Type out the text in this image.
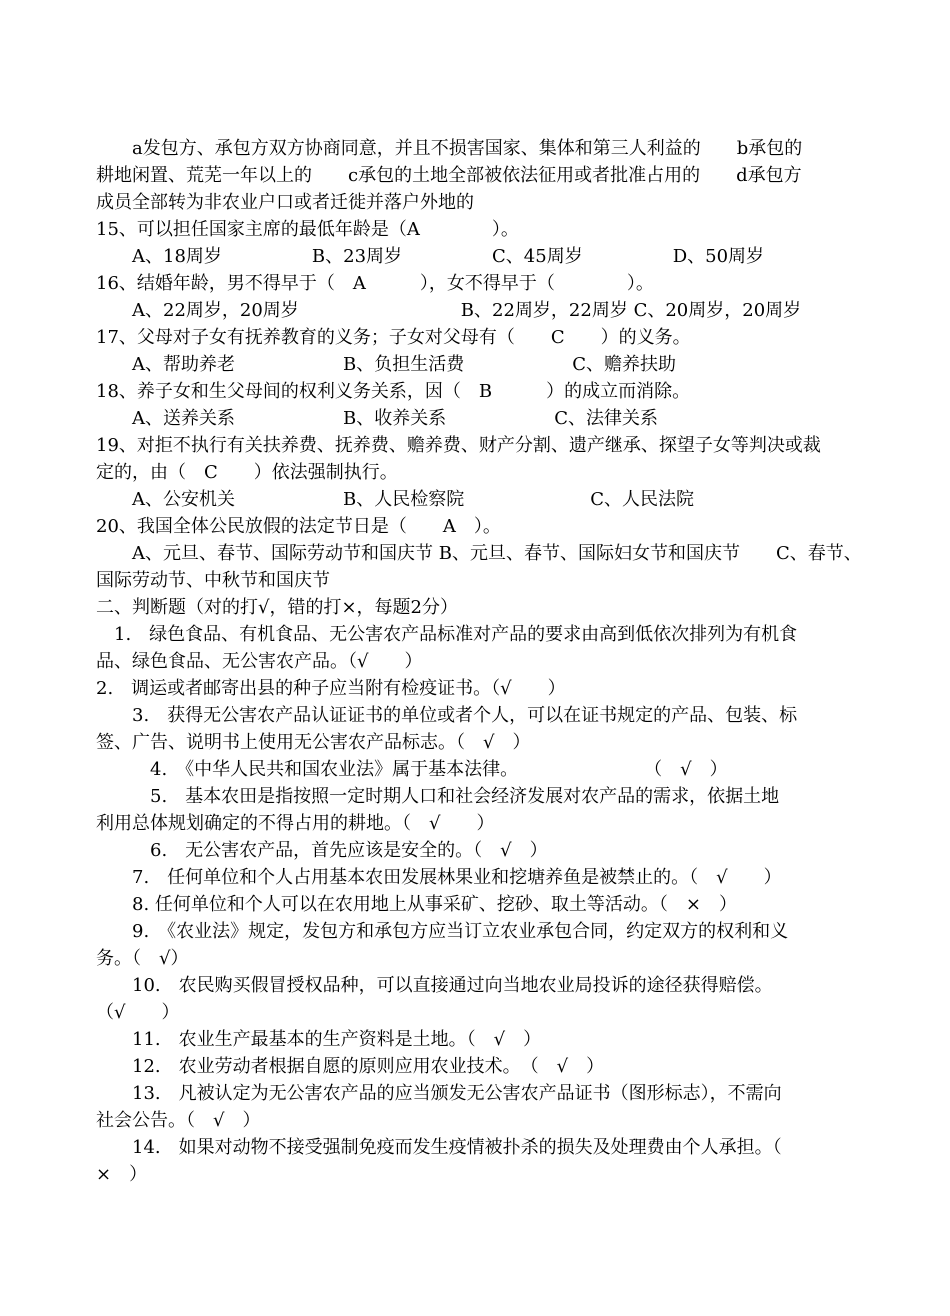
　　a发包方、承包方双方协商同意，并且不损害国家、集体和第三人利益的　　b承包的
耕地闲置、荒芜一年以上的　　c承包的土地全部被依法征用或者批准占用的　　d承包方
成员全部转为非农业户口或者迁徙并落户外地的
15、可以担任国家主席的最低年龄是（A　　　　）。
　　A、18周岁　　　　　B、23周岁　　　　　C、45周岁　　　　　D、50周岁
16、结婚年龄，男不得早于（　A　　　），女不得早于（　　　　）。
　　A、22周岁，20周岁　　　　　　　　　B、22周岁，22周岁 C、20周岁，20周岁
17、父母对子女有抚养教育的义务；子女对父母有（　　C　　）的义务。
　　A、帮助养老　　　　　　B、负担生活费　　　　　　C、赡养扶助
18、养子女和生父母间的权利义务关系，因（　B　　　）的成立而消除。
　　A、送养关系　　　　　　B、收养关系　　　　　　C、法律关系
19、对拒不执行有关扶养费、抚养费、赡养费、财产分割、遗产继承、探望子女等判决或裁
定的，由（　C　　）依法强制执行。
　　A、公安机关　　　　　　B、人民检察院　　　　　　　C、人民法院
20、我国全体公民放假的法定节日是（　　A　）。
　　A、元旦、春节、国际劳动节和国庆节 B、元旦、春节、国际妇女节和国庆节　　C、春节、
国际劳动节、中秋节和国庆节
二、判断题（对的打√，错的打×，每题2分）
　1.　绿色食品、有机食品、无公害农产品标准对产品的要求由高到低依次排列为有机食
品、绿色食品、无公害农产品。（√　　）
2.　调运或者邮寄出县的种子应当附有检疫证书。（√　　）
　　3.　获得无公害农产品认证证书的单位或者个人，可以在证书规定的产品、包装、标
签、广告、说明书上使用无公害农产品标志。（　√　）
　　　4.　《中华人民共和国农业法》属于基本法律。　　　　　　　　（　√　）
　　　5.　基本农田是指按照一定时期人口和社会经济发展对农产品的需求，依据土地
利用总体规划确定的不得占用的耕地。（　√　　）
　　　6.　无公害农产品，首先应该是安全的。（　√　）
　　7.　任何单位和个人占用基本农田发展林果业和挖塘养鱼是被禁止的。（　√　　）
　　8. 任何单位和个人可以在农用地上从事采矿、挖砂、取土等活动。（　×　）
　　9.　《农业法》规定，发包方和承包方应当订立农业承包合同，约定双方的权利和义
务。（　√）
　　10.　农民购买假冒授权品种，可以直接通过向当地农业局投诉的途径获得赔偿。
（√　　）
　　11.　农业生产最基本的生产资料是土地。（　√　）
　　12.　农业劳动者根据自愿的原则应用农业技术。　（　√　）
　　13.　凡被认定为无公害农产品的应当颁发无公害农产品证书（图形标志），不需向
社会公告。（　√　）
　　14.　如果对动物不接受强制免疫而发生疫情被扑杀的损失及处理费由个人承担。（
×　）
